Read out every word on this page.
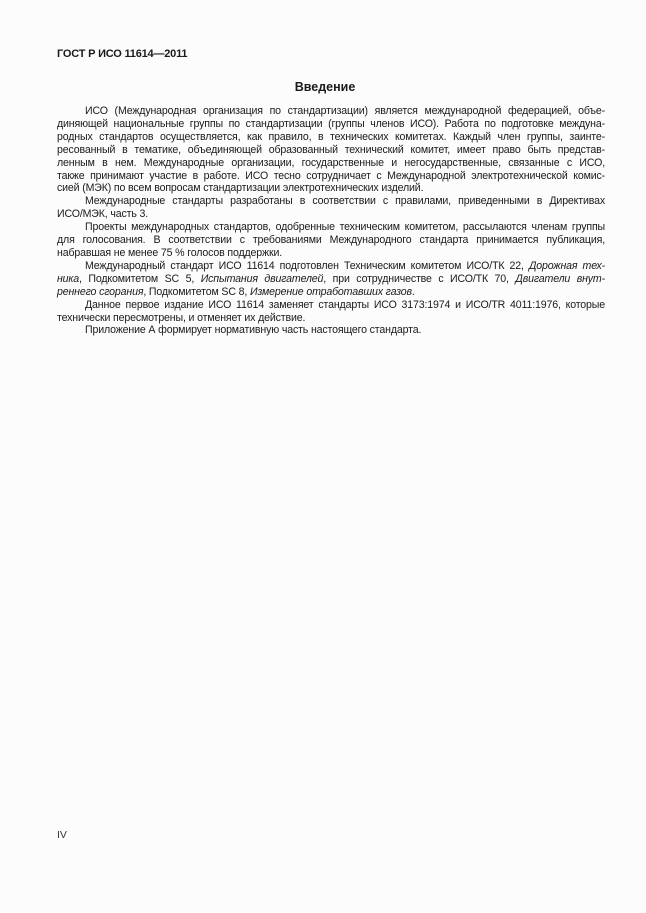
ГОСТ Р ИСО 11614—2011
Введение
ИСО (Международная организация по стандартизации) является международной федерацией, объе-
диняющей национальные группы по стандартизации (группы членов ИСО). Работа по подготовке междуна-
родных стандартов осуществляется, как правило, в технических комитетах. Каждый член группы, заинте-
ресованный в тематике, объединяющей образованный технический комитет, имеет право быть представ-
ленным в нем. Международные организации, государственные и негосударственные, связанные с ИСО,
также принимают участие в работе. ИСО тесно сотрудничает с Международной электротехнической комис-
сией (МЭК) по всем вопросам стандартизации электротехнических изделий.
Международные стандарты разработаны в соответствии с правилами, приведенными в Директивах
ИСО/МЭК, часть 3.
Проекты международных стандартов, одобренные техническим комитетом, рассылаются членам группы
для голосования. В соответствии с требованиями Международного стандарта принимается публикация,
набравшая не менее 75 % голосов поддержки.
Международный стандарт ИСО 11614 подготовлен Техническим комитетом ИСО/ТК 22, Дорожная тех-
ника, Подкомитетом SC 5, Испытания двигателей, при сотрудничестве с ИСО/ТК 70, Двигатели внут-
реннего сгорания, Подкомитетом SC 8, Измерение отработавших газов.
Данное первое издание ИСО 11614 заменяет стандарты ИСО 3173:1974 и ИСО/TR 4011:1976, которые
технически пересмотрены, и отменяет их действие.
Приложение А формирует нормативную часть настоящего стандарта.
IV
